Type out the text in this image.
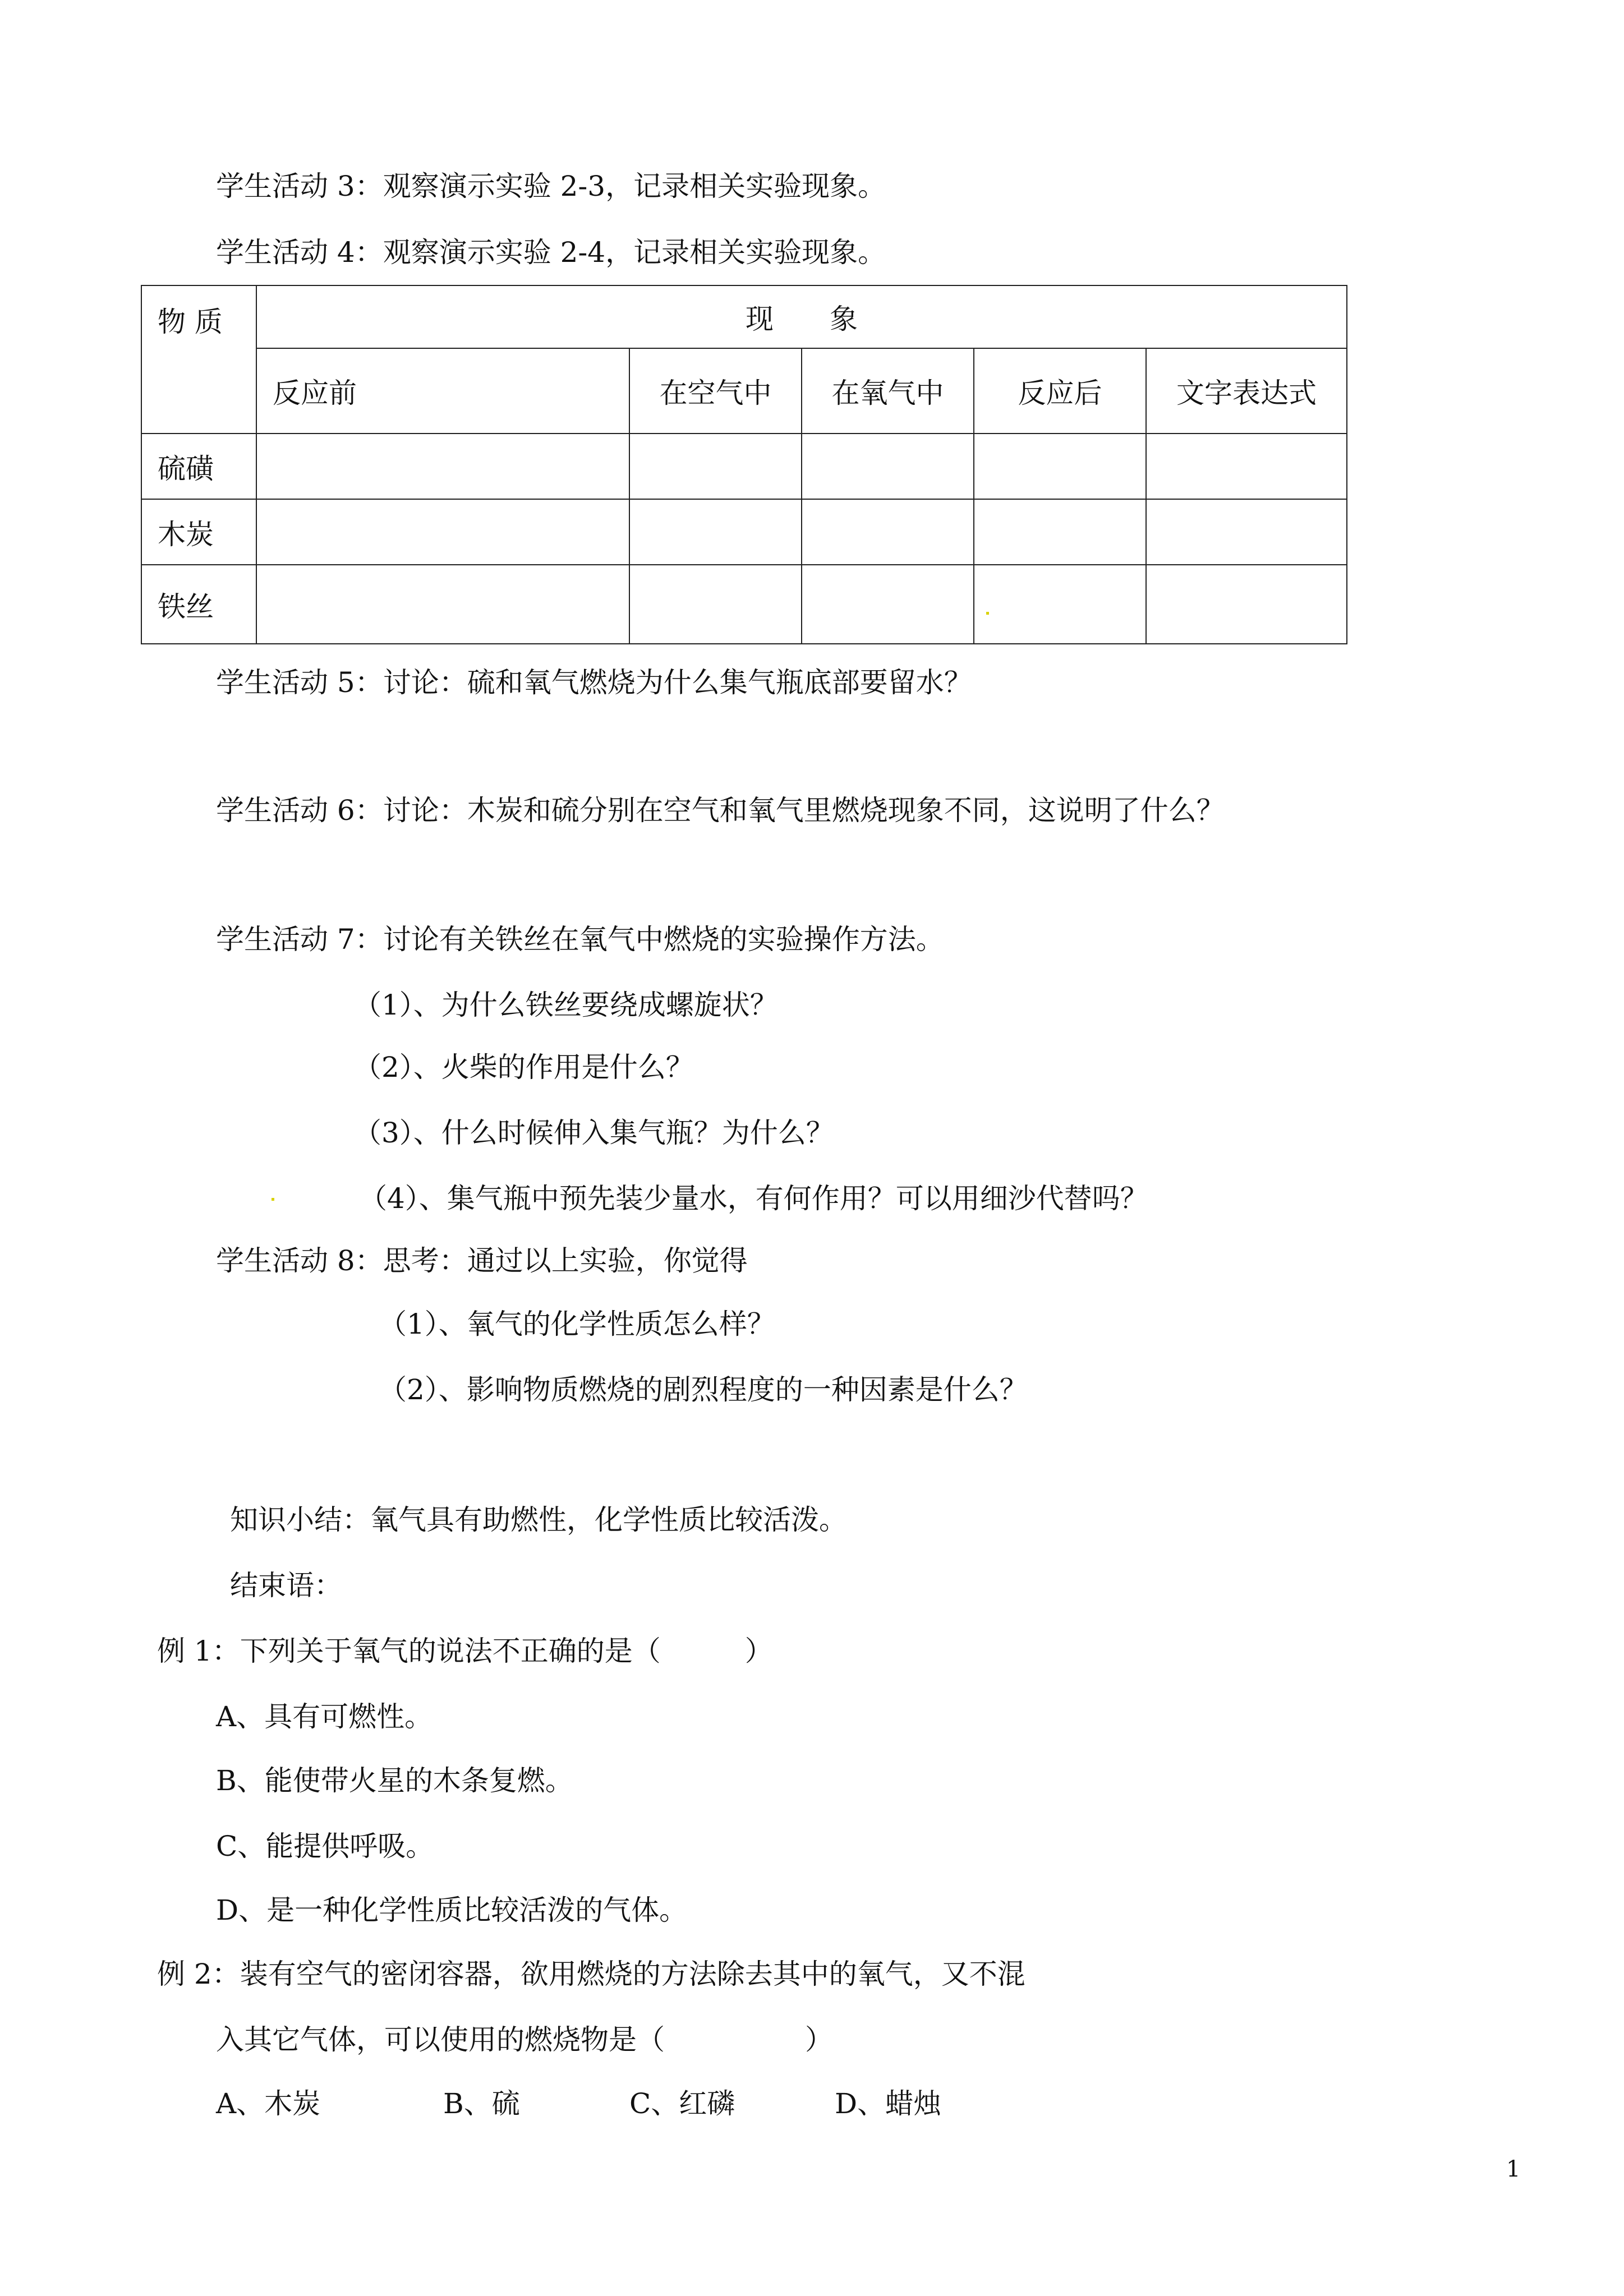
学生活动 3：观察演示实验 2-3，记录相关实验现象。
学生活动 4：观察演示实验 2-4，记录相关实验现象。
物 质	现　　象				
	反应前	在空气中	在氧气中	反应后	文字表达式
硫磺					
木炭					
铁丝					
学生活动 5：讨论：硫和氧气燃烧为什么集气瓶底部要留水？
学生活动 6：讨论：木炭和硫分别在空气和氧气里燃烧现象不同，这说明了什么？
学生活动 7：讨论有关铁丝在氧气中燃烧的实验操作方法。
（1）、为什么铁丝要绕成螺旋状？
（2）、火柴的作用是什么？
（3）、什么时候伸入集气瓶？为什么？
（4）、集气瓶中预先装少量水，有何作用？可以用细沙代替吗？
学生活动 8：思考：通过以上实验，你觉得
（1）、氧气的化学性质怎么样？
（2）、影响物质燃烧的剧烈程度的一种因素是什么？
知识小结：氧气具有助燃性，化学性质比较活泼。
结束语：
例 1：下列关于氧气的说法不正确的是（　　　）
A、具有可燃性。
B、能使带火星的木条复燃。
C、能提供呼吸。
D、是一种化学性质比较活泼的气体。
例 2：装有空气的密闭容器，欲用燃烧的方法除去其中的氧气，又不混
入其它气体，可以使用的燃烧物是（　　　　　）
A、木炭	B、硫	C、红磷	D、蜡烛
1
